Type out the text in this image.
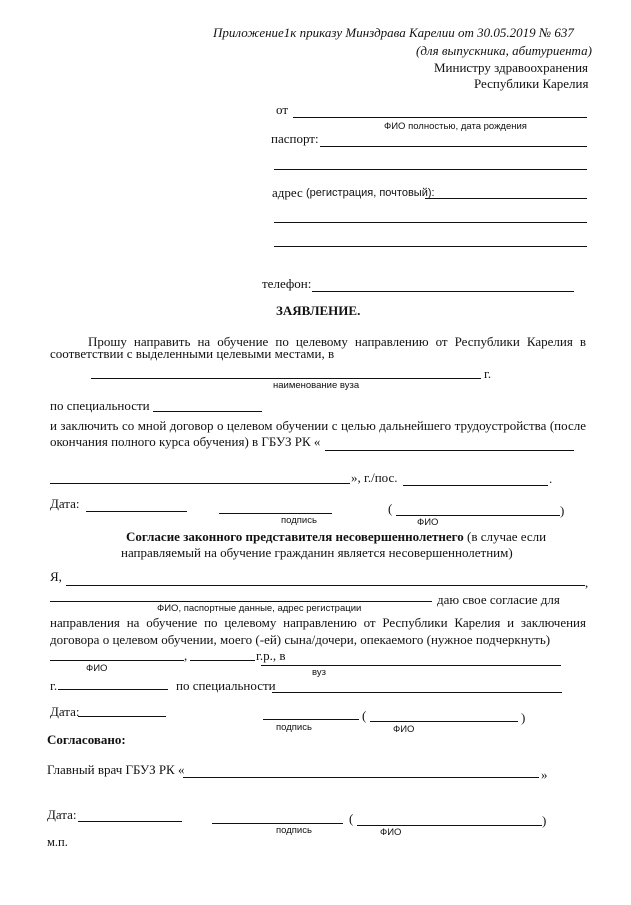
Приложение1к приказу Минздрава Карелии от 30.05.2019 № 637
(для выпускника, абитуриента)
Министру здравоохранения
Республики Карелия
от
ФИО полностью, дата рождения
паспорт:
адрес (регистрация, почтовый):
телефон:
ЗАЯВЛЕНИЕ.
Прошу направить на обучение по целевому направлению от Республики Карелия в
соответствии с выделенными целевыми местами, в
г.
наименование вуза
по специальности
и заключить со мной договор о целевом обучении с целью дальнейшего трудоустройства (после
окончания полного курса обучения) в ГБУЗ РК «
», г./пос.	.
Дата:	(	)
подпись	ФИО
Согласие законного представителя несовершеннолетнего (в случае если
направляемый на обучение гражданин является несовершеннолетним)
Я,	,
даю свое согласие для
ФИО, паспортные данные, адрес регистрации
направления на обучение по целевому направлению от Республики Карелия и заключения
договора о целевом обучении, моего (-ей) сына/дочери, опекаемого (нужное подчеркнуть)
,	г.р., в
ФИО	вуз
г.	по специальности
Дата:	(	)
подпись	ФИО
Согласовано:
Главный врач ГБУЗ РК «	»
Дата:	(	)
подпись	ФИО
м.п.
